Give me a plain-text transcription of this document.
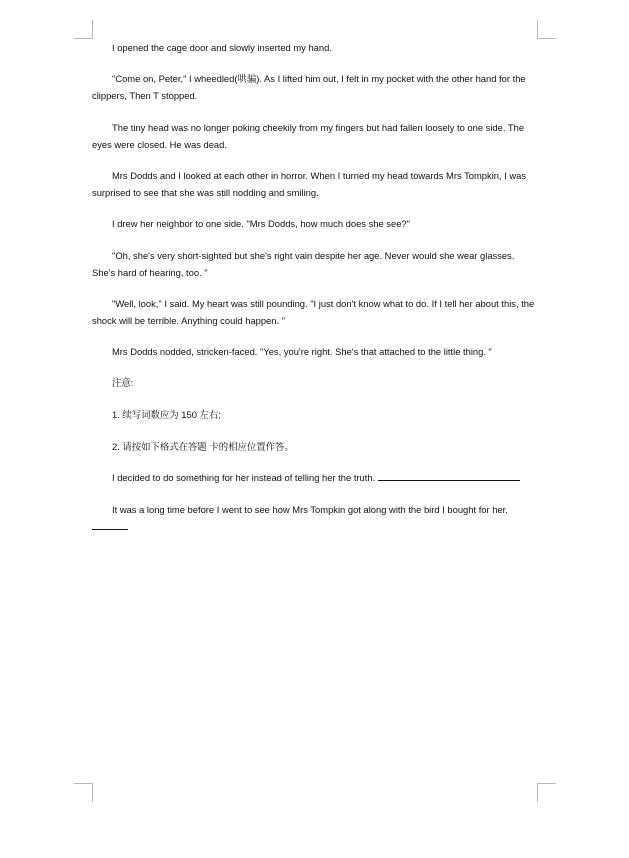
I opened the cage door and slowly inserted my hand.
"Come on, Peter," I wheedled(哄骗). As I lifted him out, I felt in my pocket with the other hand for the clippers, Then T stopped.
The tiny head was no longer poking cheekily from my fingers but had fallen loosely to one side. The eyes were closed. He was dead.
Mrs Dodds and I looked at each other in horror. When I turned my head towards Mrs Tompkin, I was surprised to see that she was still nodding and smiling.
I drew her neighbor to one side. "Mrs Dodds, how much does she see?"
"Oh, she's very short-sighted but she's right vain despite her age. Never would she wear glasses. She's hard of hearing, too. "
"Well, look," I said. My heart was still pounding. "I just don't know what to do. If I tell her about this, the shock will be terrible. Anything could happen. "
Mrs Dodds nodded, stricken-faced. "Yes, you're right. She's that attached to the little thing. "
注意:
1. 续写词数应为 150 左右;
2. 请按如下格式在答题 卡的相应位置作答。
I decided to do something for her instead of telling her the truth.
It was a long time before I went to see how Mrs Tompkin got along with the bird I bought for her.
